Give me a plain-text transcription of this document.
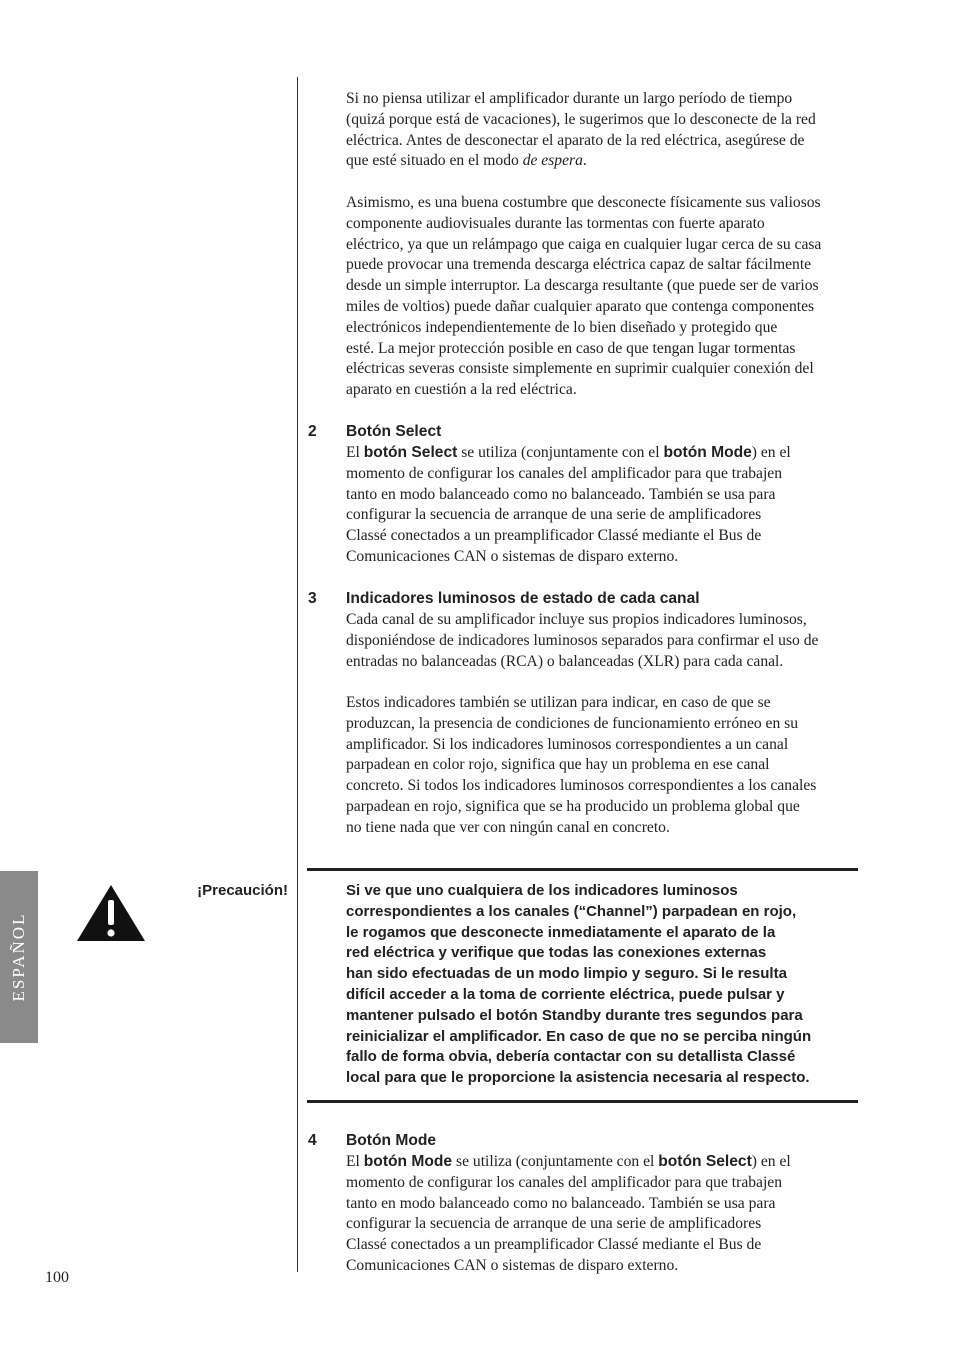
Si no piensa utilizar el amplificador durante un largo período de tiempo
(quizá porque está de vacaciones), le sugerimos que lo desconecte de la red
eléctrica. Antes de desconectar el aparato de la red eléctrica, asegúrese de
que esté situado en el modo de espera.

Asimismo, es una buena costumbre que desconecte físicamente sus valiosos
componente audiovisuales durante las tormentas con fuerte aparato
eléctrico, ya que un relámpago que caiga en cualquier lugar cerca de su casa
puede provocar una tremenda descarga eléctrica capaz de saltar fácilmente
desde un simple interruptor. La descarga resultante (que puede ser de varios
miles de voltios) puede dañar cualquier aparato que contenga componentes
electrónicos independientemente de lo bien diseñado y protegido que
esté. La mejor protección posible en caso de que tengan lugar tormentas
eléctricas severas consiste simplemente en suprimir cualquier conexión del
aparato en cuestión a la red eléctrica.

2 Botón Select

El botón Select se utiliza (conjuntamente con el botón Mode) en el
momento de configurar los canales del amplificador para que trabajen
tanto en modo balanceado como no balanceado. También se usa para
configurar la secuencia de arranque de una serie de amplificadores
Classé conectados a un preamplificador Classé mediante el Bus de
Comunicaciones CAN o sistemas de disparo externo.

3 Indicadores luminosos de estado de cada canal

Cada canal de su amplificador incluye sus propios indicadores luminosos,
disponiéndose de indicadores luminosos separados para confirmar el uso de
entradas no balanceadas (RCA) o balanceadas (XLR) para cada canal.

Estos indicadores también se utilizan para indicar, en caso de que se
produzcan, la presencia de condiciones de funcionamiento erróneo en su
amplificador. Si los indicadores luminosos correspondientes a un canal
parpadean en color rojo, significa que hay un problema en ese canal
concreto. Si todos los indicadores luminosos correspondientes a los canales
parpadean en rojo, significa que se ha producido un problema global que
no tiene nada que ver con ningún canal en concreto.

ESPAÑOL
¡Precaución!	Si ve que uno cualquiera de los indicadores luminosos
correspondientes a los canales (“Channel”) parpadean en rojo,
le rogamos que desconecte inmediatamente el aparato de la
red eléctrica y verifique que todas las conexiones externas
han sido efectuadas de un modo limpio y seguro. Si le resulta
difícil acceder a la toma de corriente eléctrica, puede pulsar y
mantener pulsado el botón Standby durante tres segundos para
reinicializar el amplificador. En caso de que no se perciba ningún
fallo de forma obvia, debería contactar con su detallista Classé
local para que le proporcione la asistencia necesaria al respecto.
4 Botón Mode

El botón Mode se utiliza (conjuntamente con el botón Select) en el
momento de configurar los canales del amplificador para que trabajen
tanto en modo balanceado como no balanceado. También se usa para
configurar la secuencia de arranque de una serie de amplificadores
Classé conectados a un preamplificador Classé mediante el Bus de
Comunicaciones CAN o sistemas de disparo externo.

100
